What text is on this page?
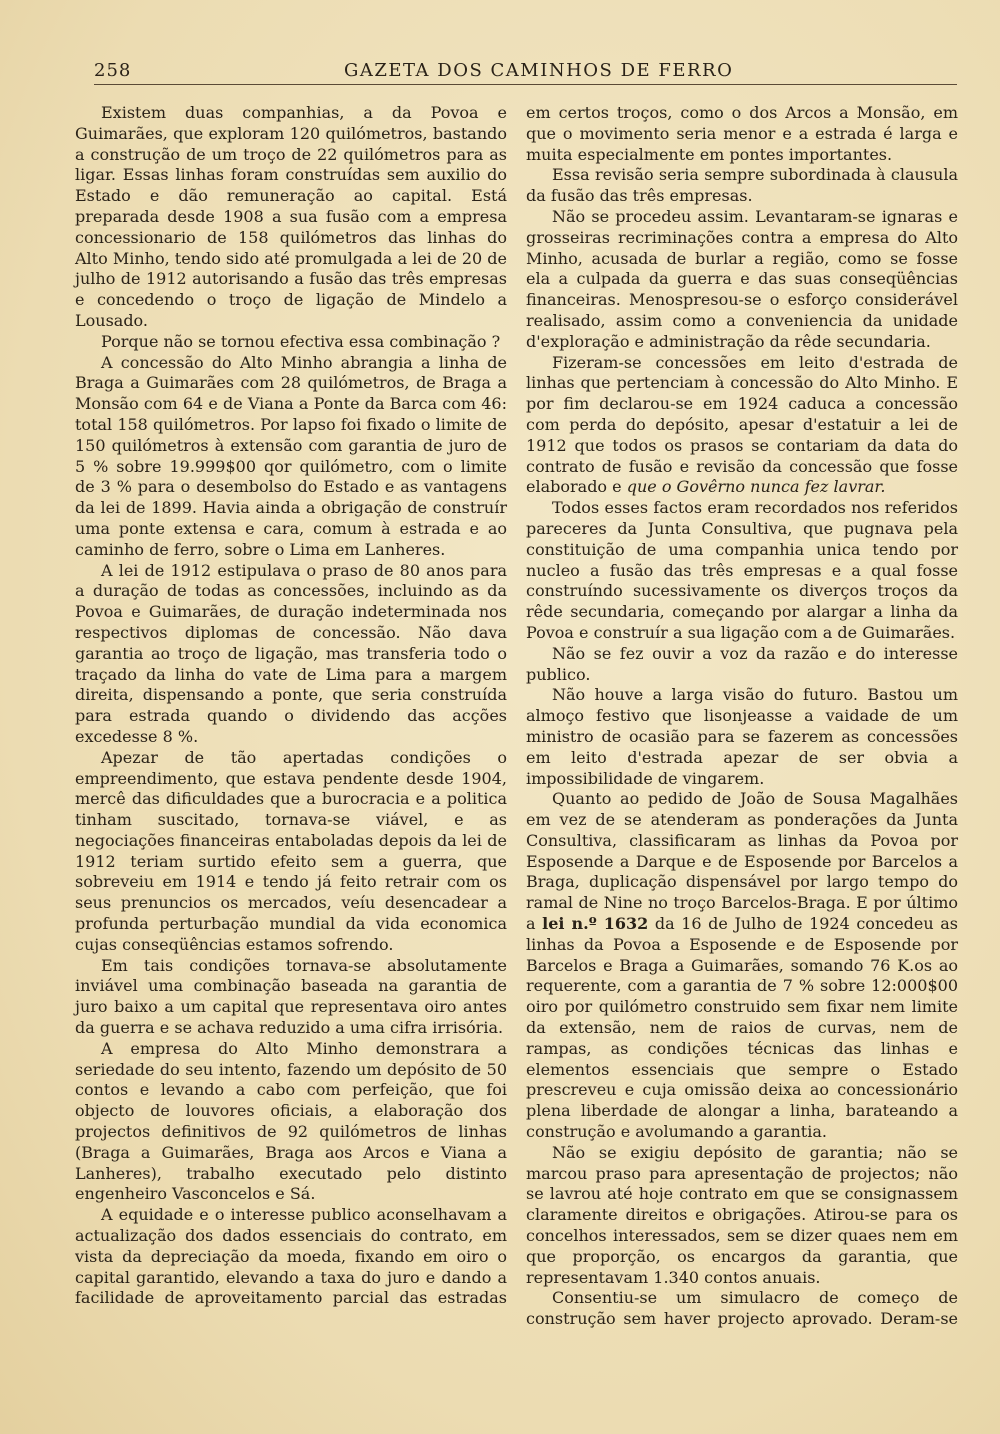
258	GAZETA DOS CAMINHOS DE FERRO

Existem duas companhias, a da Povoa e Guimarães, que exploram 120 quilómetros, bastando a construção de um troço de 22 quilómetros para as ligar. Essas linhas foram construídas sem auxilio do Estado e dão remuneração ao capital. Está preparada desde 1908 a sua fusão com a empresa concessionario de 158 quilómetros das linhas do Alto Minho, tendo sido até promulgada a lei de 20 de julho de 1912 autorisando a fusão das três empresas e concedendo o troço de ligação de Mindelo a Lousado.

Porque não se tornou efectiva essa combinação ?

A concessão do Alto Minho abrangia a linha de Braga a Guimarães com 28 quilómetros, de Braga a Monsão com 64 e de Viana a Ponte da Barca com 46: total 158 quilómetros. Por lapso foi fixado o limite de 150 quilómetros à extensão com garantia de juro de 5 % sobre 19.999$00 qor quilómetro, com o limite de 3 % para o desembolso do Estado e as vantagens da lei de 1899. Havia ainda a obrigação de construír uma ponte extensa e cara, comum à estrada e ao caminho de ferro, sobre o Lima em Lanheres.

A lei de 1912 estipulava o praso de 80 anos para a duração de todas as concessões, incluindo as da Povoa e Guimarães, de duração indeterminada nos respectivos diplomas de concessão. Não dava garantia ao troço de ligação, mas transferia todo o traçado da linha do vate de Lima para a margem direita, dispensando a ponte, que seria construída para estrada quando o dividendo das acções excedesse 8 %.

Apezar de tão apertadas condições o empreendimento, que estava pendente desde 1904, mercê das dificuldades que a burocracia e a politica tinham suscitado, tornava-se viável, e as negociações financeiras entaboladas depois da lei de 1912 teriam surtido efeito sem a guerra, que sobreveiu em 1914 e tendo já feito retrair com os seus prenuncios os mercados, veíu desencadear a profunda perturbação mundial da vida economica cujas conseqüências estamos sofrendo.

Em tais condições tornava-se absolutamente inviável uma combinação baseada na garantia de juro baixo a um capital que representava oiro antes da guerra e se achava reduzido a uma cifra irrisória.

A empresa do Alto Minho demonstrara a seriedade do seu intento, fazendo um depósito de 50 contos e levando a cabo com perfeição, que foi objecto de louvores oficiais, a elaboração dos projectos definitivos de 92 quilómetros de linhas (Braga a Guimarães, Braga aos Arcos e Viana a Lanheres), trabalho executado pelo distinto engenheiro Vasconcelos e Sá.

A equidade e o interesse publico aconselhavam a actualização dos dados essenciais do contrato, em vista da depreciação da moeda, fixando em oiro o capital garantido, elevando a taxa do juro e dando a facilidade de aproveitamento parcial das estradas

em certos troços, como o dos Arcos a Monsão, em que o movimento seria menor e a estrada é larga e muita especialmente em pontes importantes.

Essa revisão seria sempre subordinada à clausula da fusão das três empresas.

Não se procedeu assim. Levantaram-se ignaras e grosseiras recriminações contra a empresa do Alto Minho, acusada de burlar a região, como se fosse ela a culpada da guerra e das suas conseqüências financeiras. Menospresou-se o esforço considerável realisado, assim como a conveniencia da unidade d'exploração e administração da rêde secundaria.

Fizeram-se concessões em leito d'estrada de linhas que pertenciam à concessão do Alto Minho. E por fim declarou-se em 1924 caduca a concessão com perda do depósito, apesar d'estatuir a lei de 1912 que todos os prasos se contariam da data do contrato de fusão e revisão da concessão que fosse elaborado e que o Govêrno nunca fez lavrar.

Todos esses factos eram recordados nos referidos pareceres da Junta Consultiva, que pugnava pela constituição de uma companhia unica tendo por nucleo a fusão das três empresas e a qual fosse construíndo sucessivamente os diverços troços da rêde secundaria, começando por alargar a linha da Povoa e construír a sua ligação com a de Guimarães.

Não se fez ouvir a voz da razão e do interesse publico.

Não houve a larga visão do futuro. Bastou um almoço festivo que lisonjeasse a vaidade de um ministro de ocasião para se fazerem as concessões em leito d'estrada apezar de ser obvia a impossibilidade de vingarem.

Quanto ao pedido de João de Sousa Magalhães em vez de se atenderam as ponderações da Junta Consultiva, classificaram as linhas da Povoa por Esposende a Darque e de Esposende por Barcelos a Braga, duplicação dispensável por largo tempo do ramal de Nine no troço Barcelos-Braga. E por último a lei n.º 1632 da 16 de Julho de 1924 concedeu as linhas da Povoa a Esposende e de Esposende por Barcelos e Braga a Guimarães, somando 76 K.os ao requerente, com a garantia de 7 % sobre 12:000$00 oiro por quilómetro construido sem fixar nem limite da extensão, nem de raios de curvas, nem de rampas, as condições técnicas das linhas e elementos essenciais que sempre o Estado prescreveu e cuja omissão deixa ao concessionário plena liberdade de alongar a linha, barateando a construção e avolumando a garantia.

Não se exigiu depósito de garantia; não se marcou praso para apresentação de projectos; não se lavrou até hoje contrato em que se consignassem claramente direitos e obrigações. Atirou-se para os concelhos interessados, sem se dizer quaes nem em que proporção, os encargos da garantia, que representavam 1.340 contos anuais.

Consentiu-se um simulacro de começo de construção sem haver projecto aprovado. Deram-se
